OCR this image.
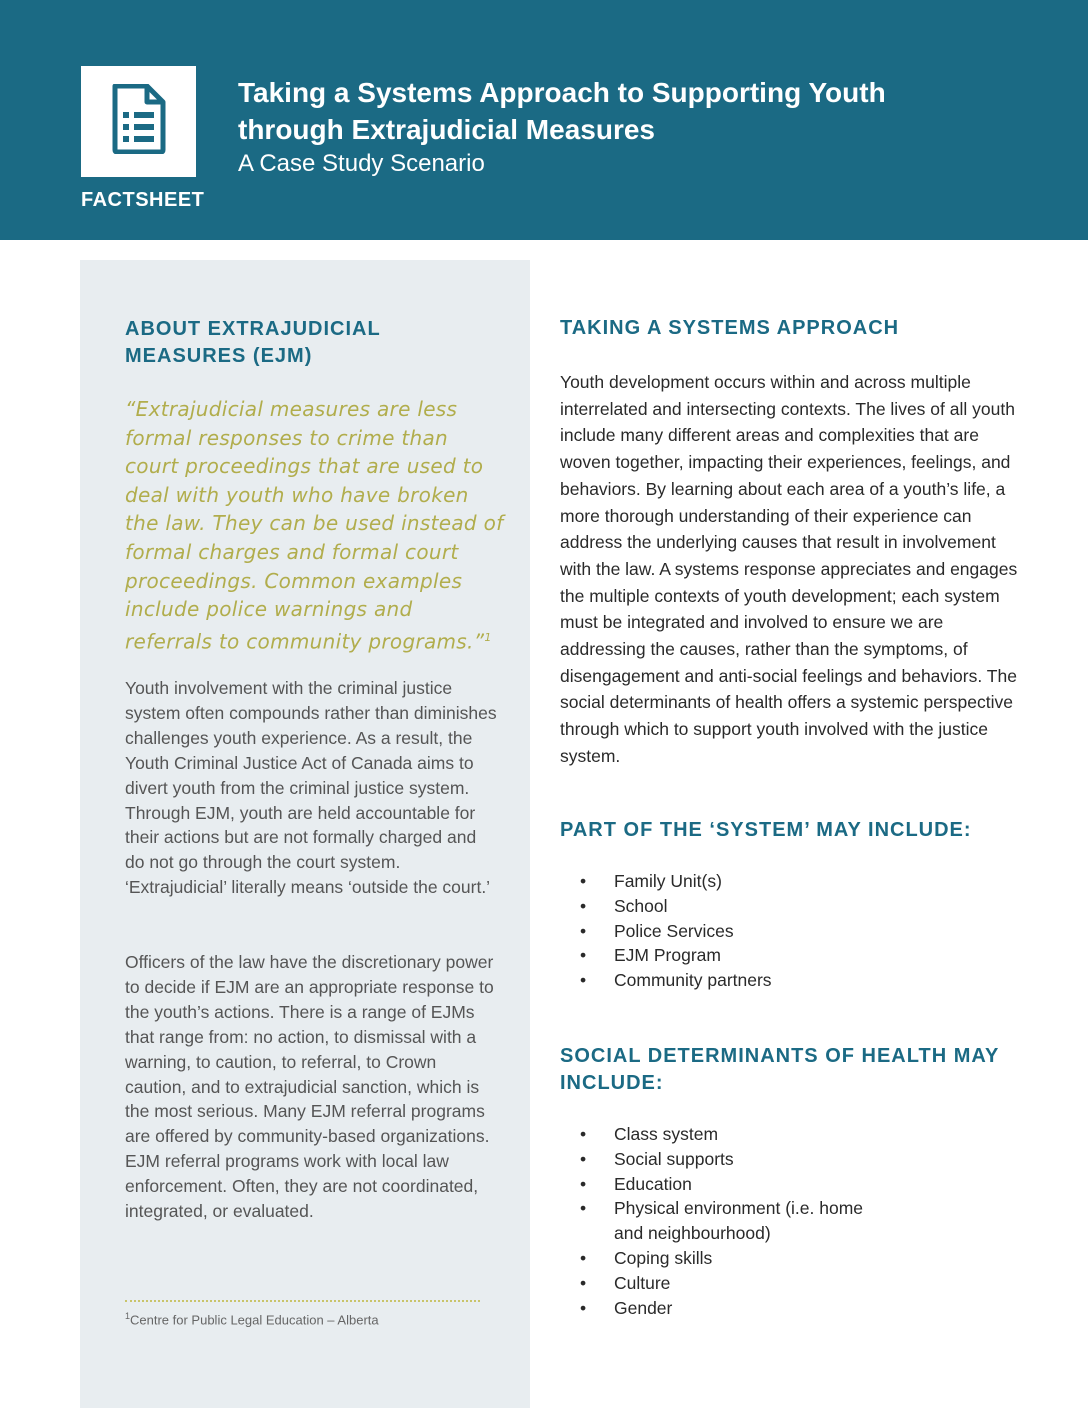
FACTSHEET
Taking a Systems Approach to Supporting Youth through Extrajudicial Measures
A Case Study Scenario
ABOUT EXTRAJUDICIAL MEASURES (EJM)

“Extrajudicial measures are less formal responses to crime than court proceedings that are used to deal with youth who have broken the law. They can be used instead of formal charges and formal court proceedings. Common examples include police warnings and referrals to community programs.”$^1$

Youth involvement with the criminal justice system often compounds rather than diminishes challenges youth experience. As a result, the Youth Criminal Justice Act of Canada aims to divert youth from the criminal justice system. Through EJM, youth are held accountable for their actions but are not formally charged and do not go through the court system. ‘Extrajudicial’ literally means ‘outside the court.’

Officers of the law have the discretionary power to decide if EJM are an appropriate response to the youth’s actions. There is a range of EJMs that range from: no action, to dismissal with a warning, to caution, to referral, to Crown caution, and to extrajudicial sanction, which is the most serious. Many EJM referral programs are offered by community-based organizations. EJM referral programs work with local law enforcement. Often, they are not coordinated, integrated, or evaluated.

$^1$Centre for Public Legal Education – Alberta
TAKING A SYSTEMS APPROACH

Youth development occurs within and across multiple interrelated and intersecting contexts. The lives of all youth include many different areas and complexities that are woven together, impacting their experiences, feelings, and behaviors. By learning about each area of a youth’s life, a more thorough understanding of their experience can address the underlying causes that result in involvement with the law. A systems response appreciates and engages the multiple contexts of youth development; each system must be integrated and involved to ensure we are addressing the causes, rather than the symptoms, of disengagement and anti-social feelings and behaviors. The social determinants of health offers a systemic perspective through which to support youth involved with the justice system.

PART OF THE ‘SYSTEM’ MAY INCLUDE:
• Family Unit(s)
• School
• Police Services
• EJM Program
• Community partners
SOCIAL DETERMINANTS OF HEALTH MAY INCLUDE:
• Class system
• Social supports
• Education
• Physical environment (i.e. home and neighbourhood)
• Coping skills
• Culture
• Gender
